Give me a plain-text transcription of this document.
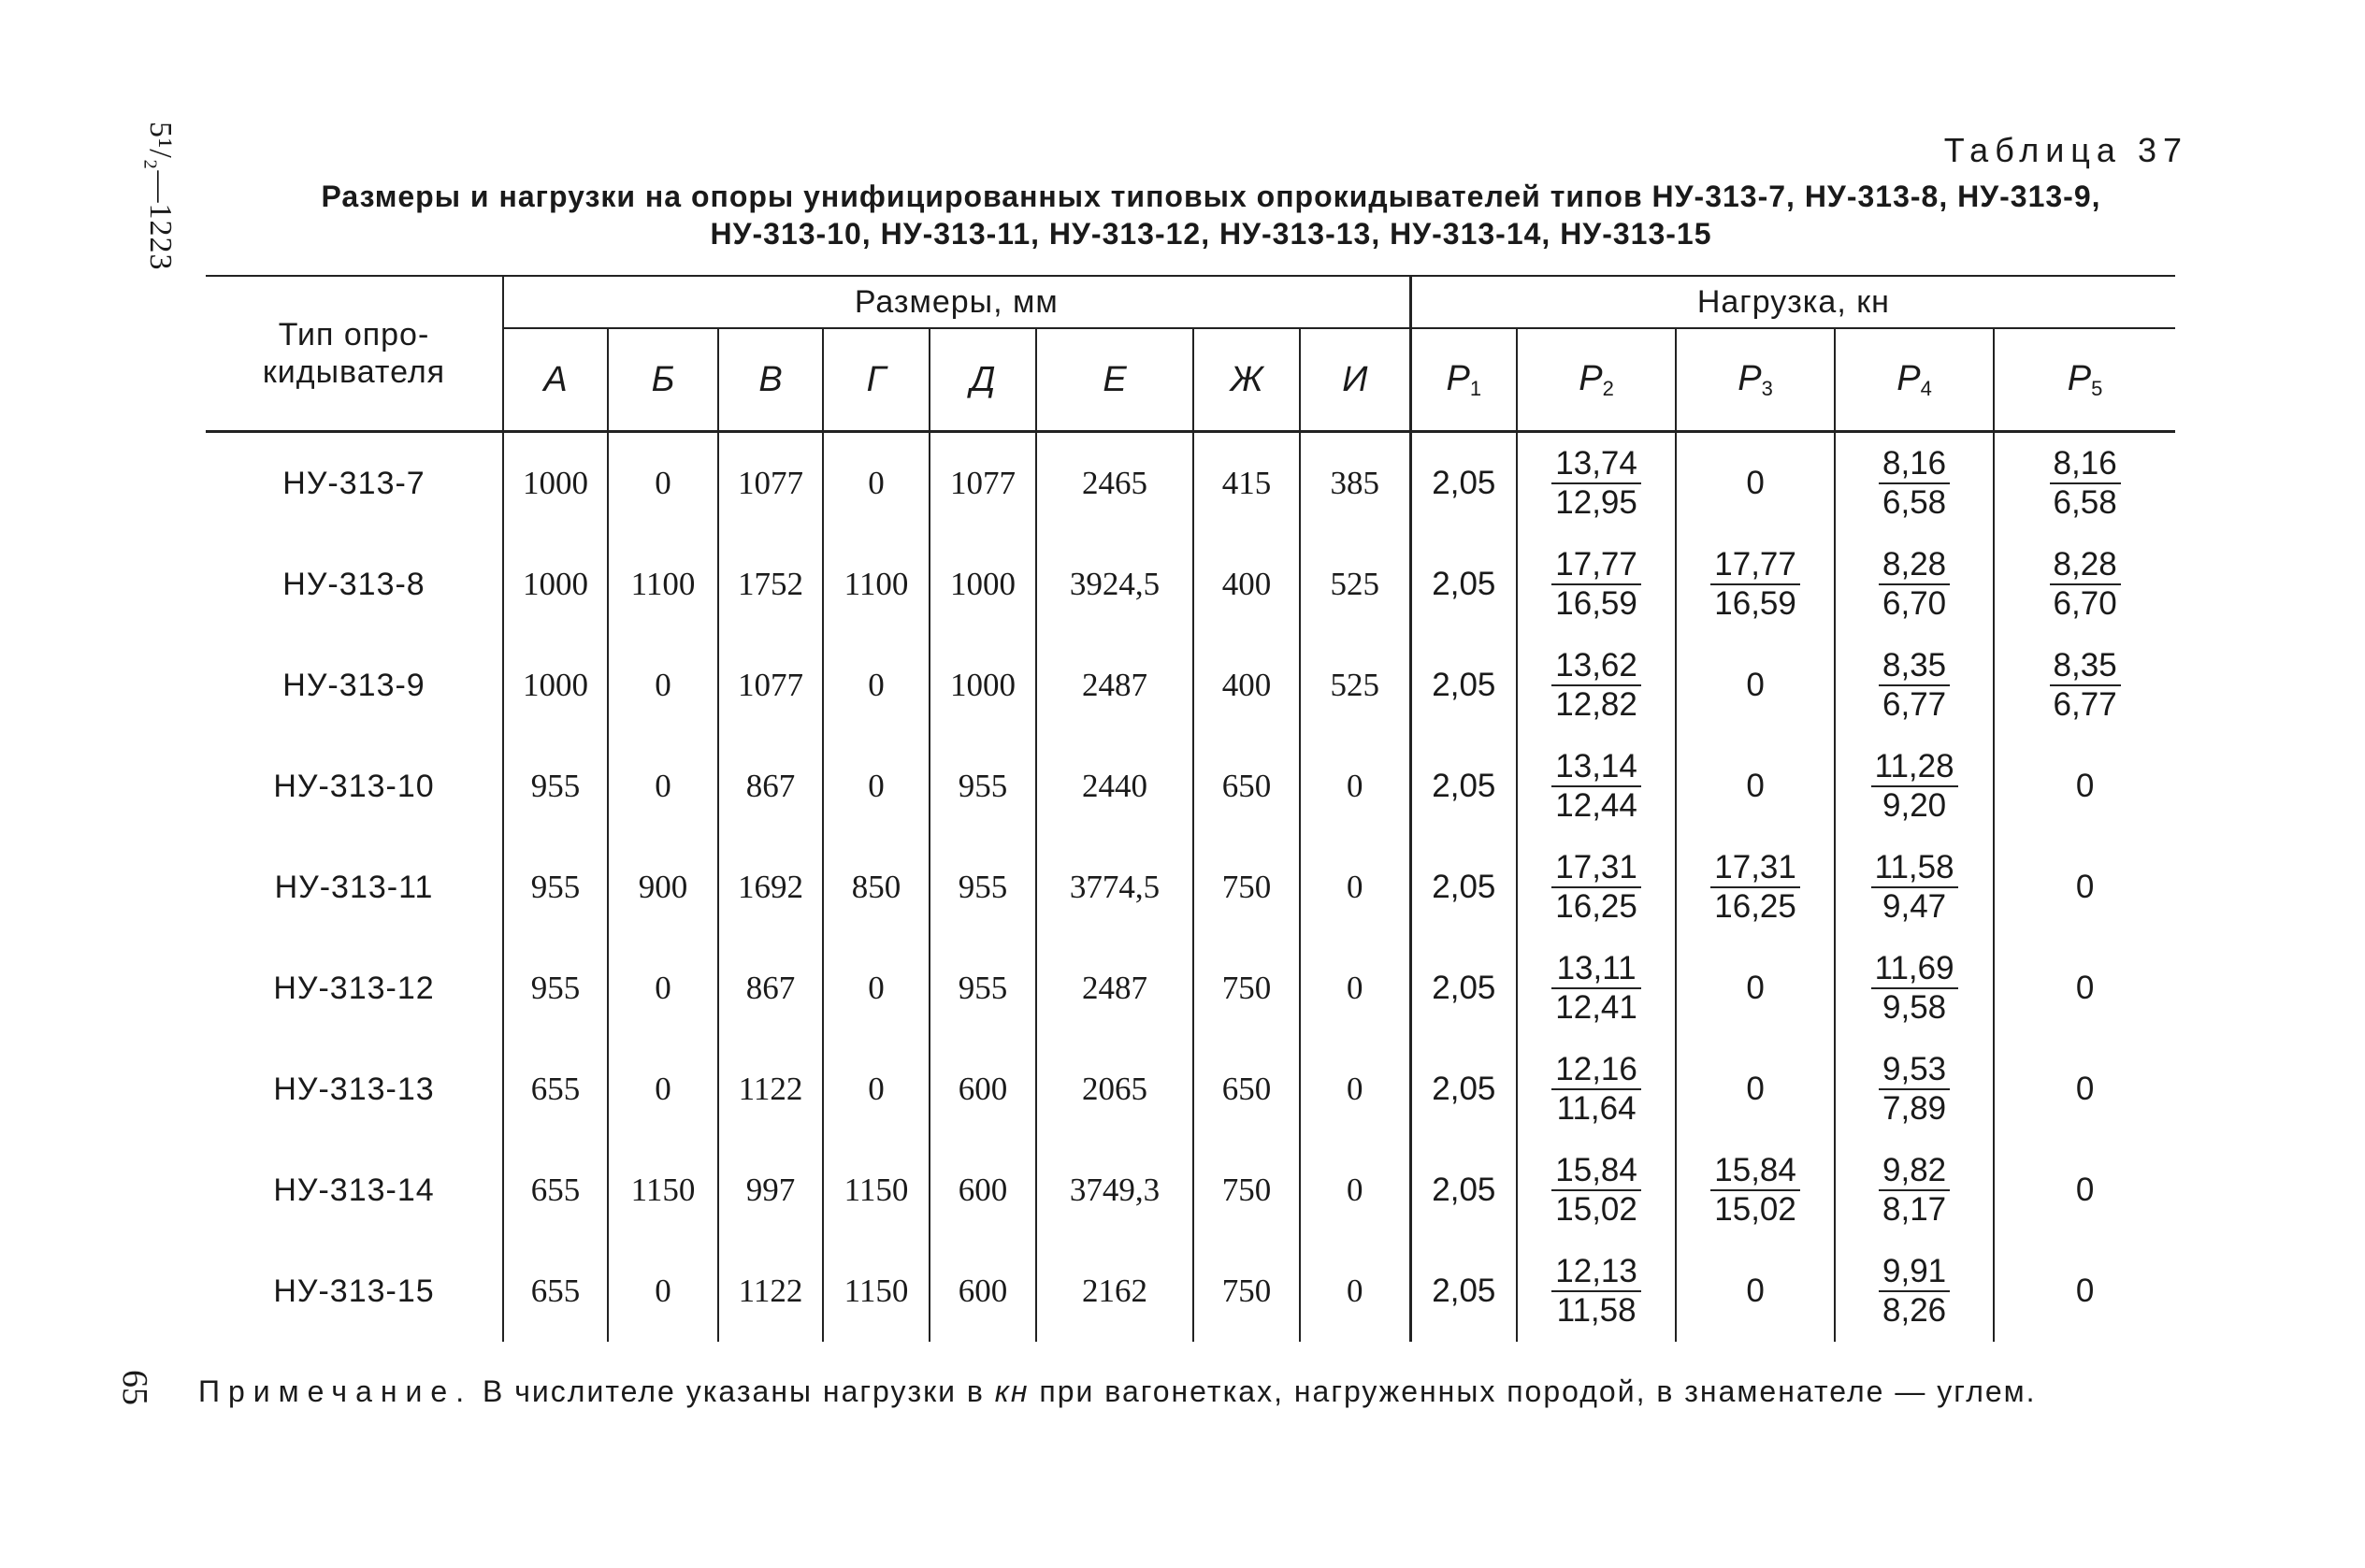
5¹/₂—1223	Таблица 37
Размеры и нагрузки на опоры унифицированных типовых опрокидывателей типов НУ-313-7, НУ-313-8, НУ-313-9,
НУ-313-10, НУ-313-11, НУ-313-12, НУ-313-13, НУ-313-14, НУ-313-15
Тип опро-
кидывателя	Размеры, мм								Нагрузка, кн				
	А	Б	В	Г	Д	Е	Ж	И	$P_1$	$P_2$	$P_3$	$P_4$	$P_5$
НУ-313-7	1000	0	1077	0	1077	2465	415	385	2,05	$\frac{13,74}{12,95}$	0	$\frac{8,16}{6,58}$	$\frac{8,16}{6,58}$

НУ-313-8	1000	1100	1752	1100	1000	3924,5	400	525	2,05	$\frac{17,77}{16,59}$	$\frac{17,77}{16,59}$	$\frac{8,28}{6,70}$	$\frac{8,28}{6,70}$

НУ-313-9	1000	0	1077	0	1000	2487	400	525	2,05	$\frac{13,62}{12,82}$	0	$\frac{8,35}{6,77}$	$\frac{8,35}{6,77}$

НУ-313-10	955	0	867	0	955	2440	650	0	2,05	$\frac{13,14}{12,44}$	0	$\frac{11,28}{9,20}$	0
НУ-313-11	955	900	1692	850	955	3774,5	750	0	2,05	$\frac{17,31}{16,25}$	$\frac{17,31}{16,25}$	$\frac{11,58}{9,47}$	0
НУ-313-12	955	0	867	0	955	2487	750	0	2,05	$\frac{13,11}{12,41}$	0	$\frac{11,69}{9,58}$	0
НУ-313-13	655	0	1122	0	600	2065	650	0	2,05	$\frac{12,16}{11,64}$	0	$\frac{9,53}{7,89}$	0
НУ-313-14	655	1150	997	1150	600	3749,3	750	0	2,05	$\frac{15,84}{15,02}$	$\frac{15,84}{15,02}$	$\frac{9,82}{8,17}$	0
НУ-313-15	655	0	1122	1150	600	2162	750	0	2,05	$\frac{12,13}{11,58}$	0	$\frac{9,91}{8,26}$	0
Примечание. В числителе указаны нагрузки в кн при вагонетках, нагруженных породой, в знаменателе — углем.
65
